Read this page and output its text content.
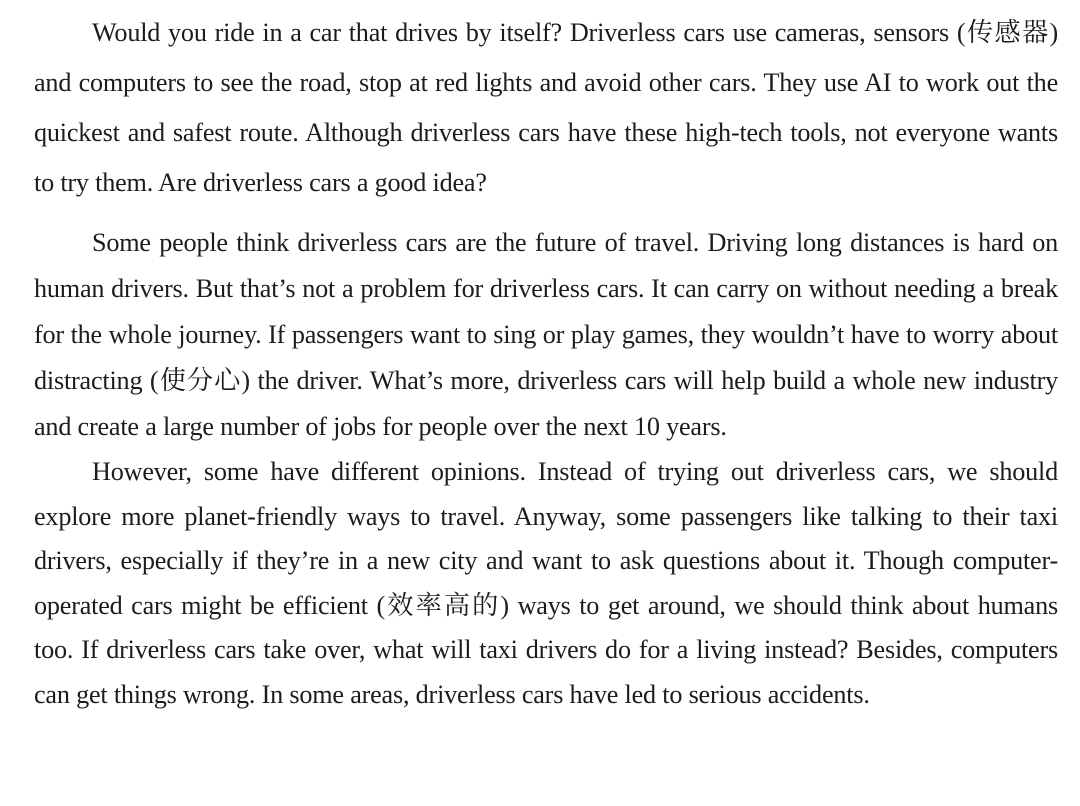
Would you ride in a car that drives by itself? Driverless cars use cameras, sensors (传感器) and computers to see the road, stop at red lights and avoid other cars. They use AI to work out the quickest and safest route. Although driverless cars have these high-tech tools, not everyone wants to try them. Are driverless cars a good idea?

Some people think driverless cars are the future of travel. Driving long distances is hard on human drivers. But that’s not a problem for driverless cars. It can carry on without needing a break for the whole journey. If passengers want to sing or play games, they wouldn’t have to worry about distracting (使分心) the driver. What’s more, driverless cars will help build a whole new industry and create a large number of jobs for people over the next 10 years.

However, some have different opinions. Instead of trying out driverless cars, we should explore more planet-friendly ways to travel. Anyway, some passengers like talking to their taxi drivers, especially if they’re in a new city and want to ask questions about it. Though computer-operated cars might be efficient (效率高的) ways to get around, we should think about humans too. If driverless cars take over, what will taxi drivers do for a living instead? Besides, computers can get things wrong. In some areas, driverless cars have led to serious accidents.
